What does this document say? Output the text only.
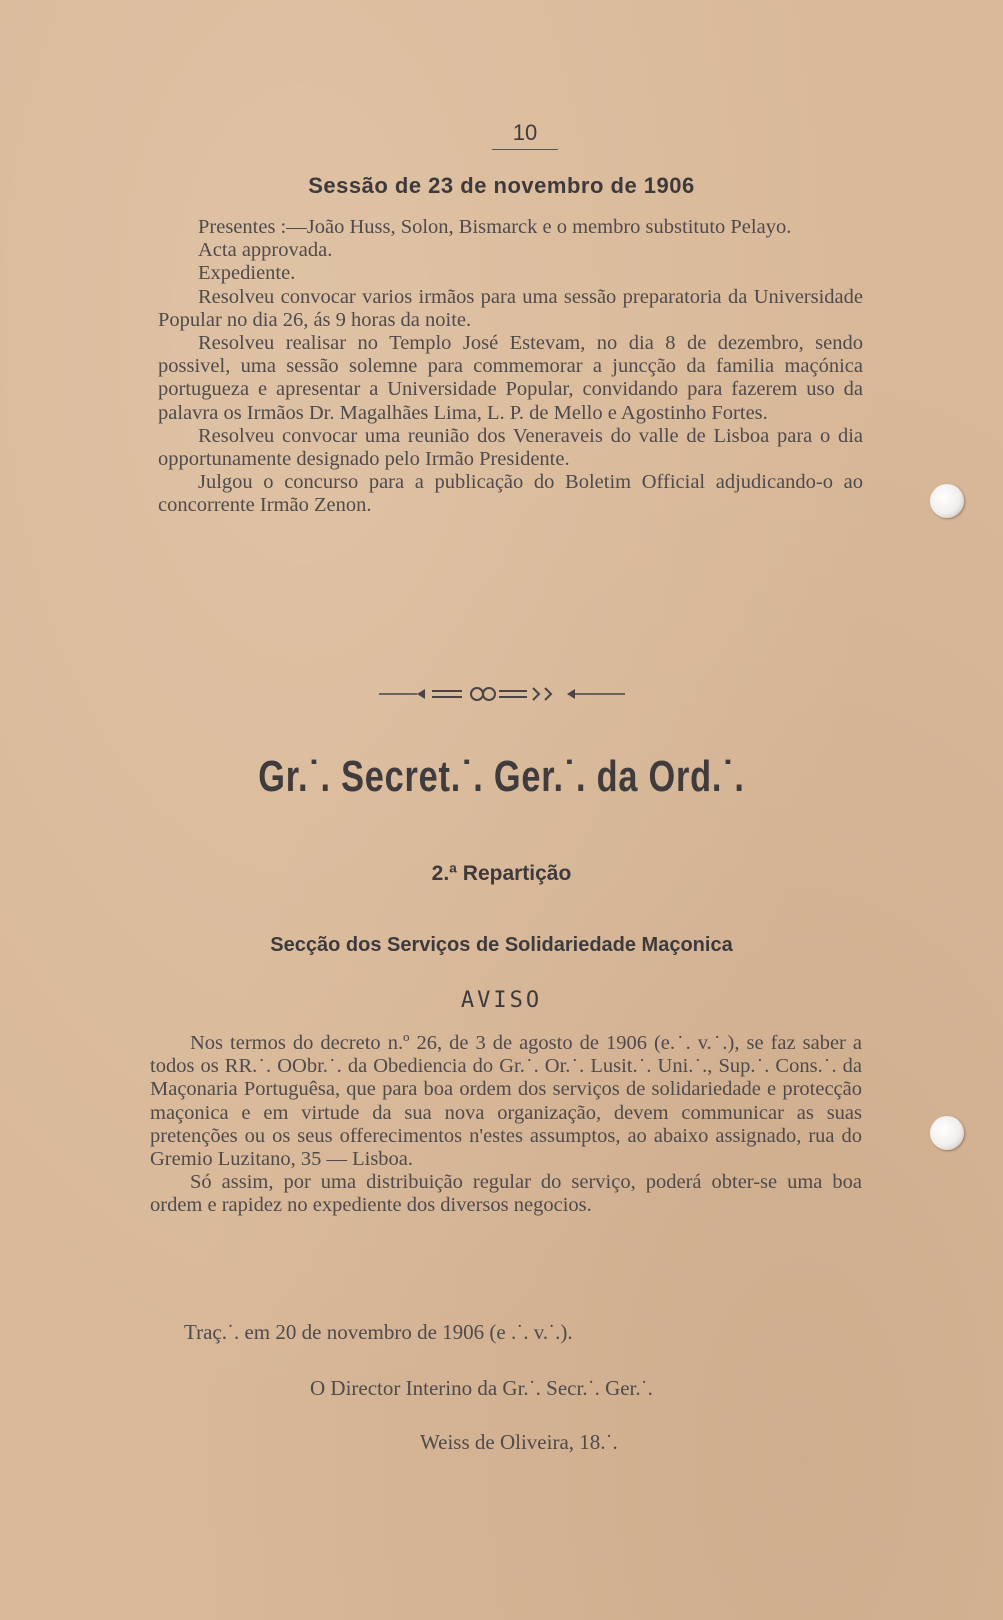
10
Sessão de 23 de novembro de 1906

Presentes :—João Huss, Solon, Bismarck e o membro substituto Pelayo.

Acta approvada.

Expediente.

Resolveu convocar varios irmãos para uma sessão preparatoria da Universidade Popular no dia 26, ás 9 horas da noite.

Resolveu realisar no Templo José Estevam, no dia 8 de dezembro, sendo possivel, uma sessão solemne para commemorar a juncção da familia maçónica portugueza e apresentar a Universidade Popular, convidando para fazerem uso da palavra os Irmãos Dr. Magalhães Lima, L. P. de Mello e Agostinho Fortes.

Resolveu convocar uma reunião dos Veneraveis do valle de Lisboa para o dia opportunamente designado pelo Irmão Presidente.

Julgou o concurso para a publicação do Boletim Official adjudicando-o ao concorrente Irmão Zenon.

Gr.˙. Secret.˙. Ger.˙. da Ord.˙.
2.ª Repartição
Secção dos Serviços de Solidariedade Maçonica
AVISO

Nos termos do decreto n.º 26, de 3 de agosto de 1906 (e.˙. v.˙.), se faz saber a todos os RR.˙. OObr.˙. da Obediencia do Gr.˙. Or.˙. Lusit.˙. Uni.˙., Sup.˙. Cons.˙. da Maçonaria Portuguêsa, que para boa ordem dos serviços de solidariedade e protecção maçonica e em virtude da sua nova organização, devem communicar as suas pretenções ou os seus offerecimentos n'estes assumptos, ao abaixo assignado, rua do Gremio Luzitano, 35 — Lisboa.

Só assim, por uma distribuição regular do serviço, poderá obter-se uma boa ordem e rapidez no expediente dos diversos negocios.

Traç.˙. em 20 de novembro de 1906 (e .˙. v.˙.).
O Director Interino da Gr.˙. Secr.˙. Ger.˙.
Weiss de Oliveira, 18.˙.
